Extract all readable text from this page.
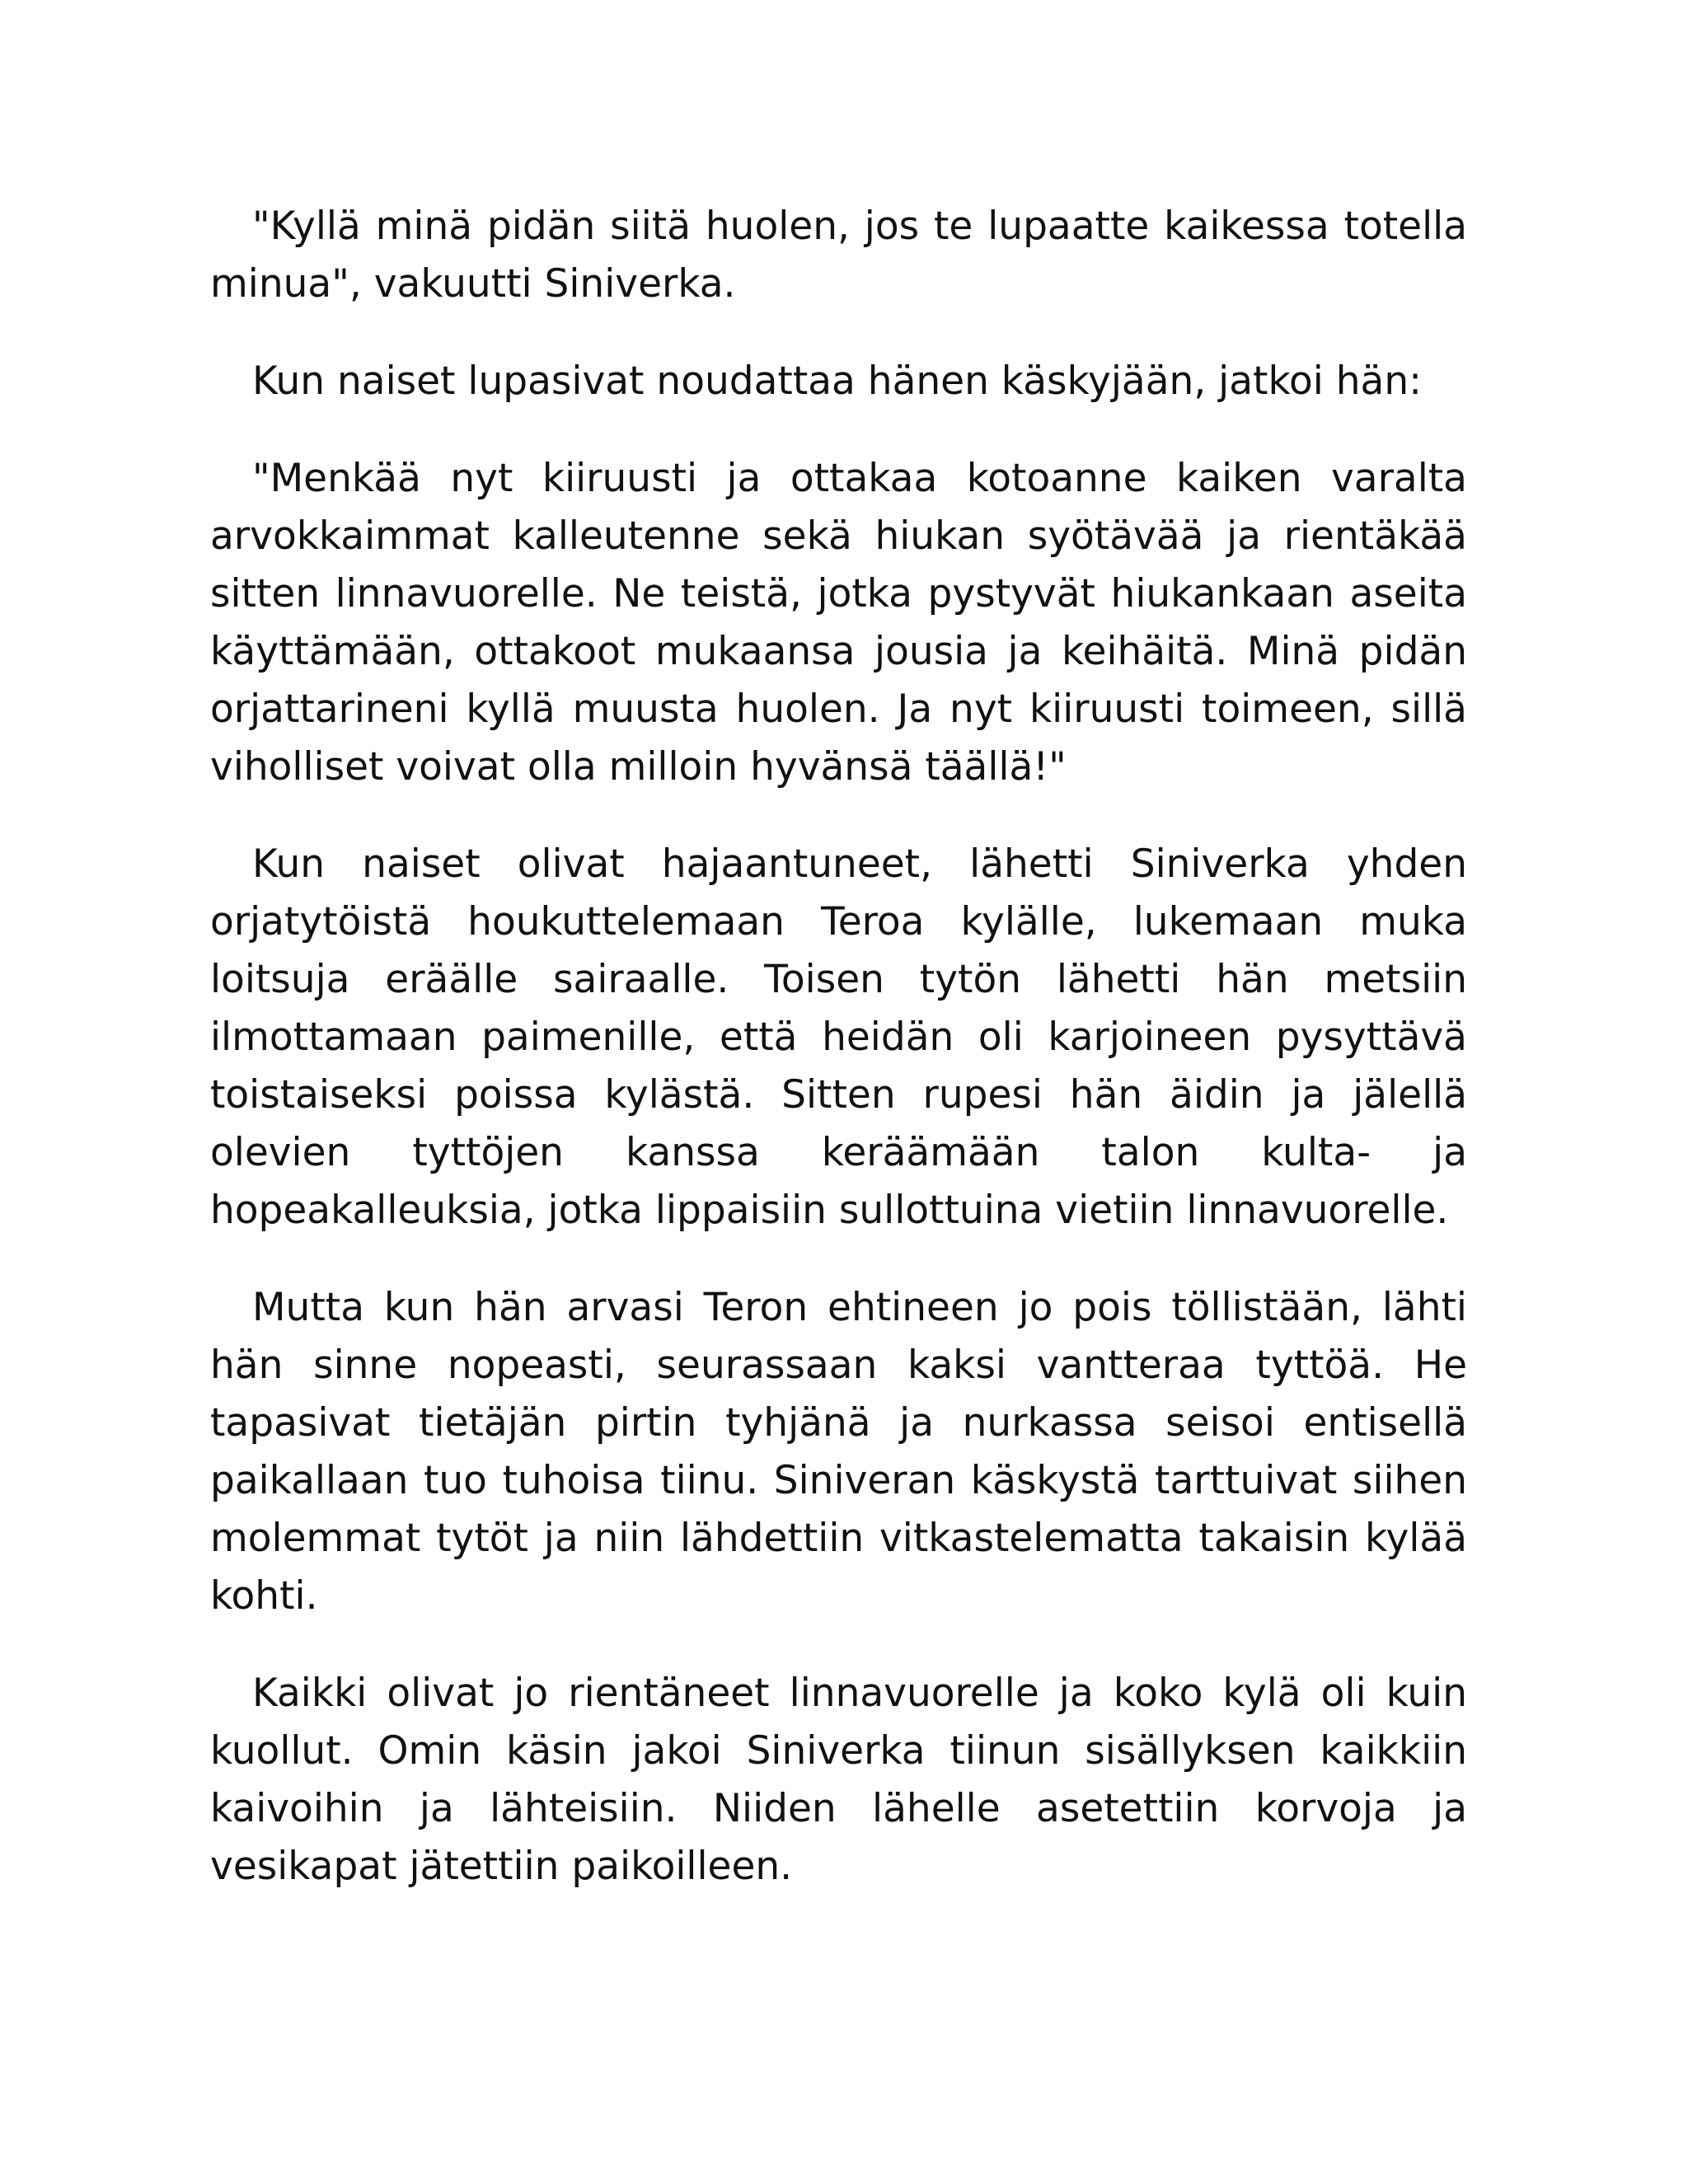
"Kyllä minä pidän siitä huolen, jos te lupaatte kaikessa totella minua", vakuutti Siniverka.

Kun naiset lupasivat noudattaa hänen käskyjään, jatkoi hän:

"Menkää nyt kiiruusti ja ottakaa kotoanne kaiken varalta arvokkaimmat kalleutenne sekä hiukan syötävää ja rientäkää sitten linnavuorelle. Ne teistä, jotka pystyvät hiukankaan aseita käyttämään, ottakoot mukaansa jousia ja keihäitä. Minä pidän orjattarineni kyllä muusta huolen. Ja nyt kiiruusti toimeen, sillä viholliset voivat olla milloin hyvänsä täällä!"

Kun naiset olivat hajaantuneet, lähetti Siniverka yhden orjatytöistä houkuttelemaan Teroa kylälle, lukemaan muka loitsuja eräälle sairaalle. Toisen tytön lähetti hän metsiin ilmottamaan paimenille, että heidän oli karjoineen pysyttävä toistaiseksi poissa kylästä. Sitten rupesi hän äidin ja jälellä olevien tyttöjen kanssa keräämään talon kulta- ja hopeakalleuksia, jotka lippaisiin sullottuina vietiin linnavuorelle.

Mutta kun hän arvasi Teron ehtineen jo pois töllistään, lähti hän sinne nopeasti, seurassaan kaksi vantteraa tyttöä. He tapasivat tietäjän pirtin tyhjänä ja nurkassa seisoi entisellä paikallaan tuo tuhoisa tiinu. Siniveran käskystä tarttuivat siihen molemmat tytöt ja niin lähdettiin vitkastelematta takaisin kylää kohti.

Kaikki olivat jo rientäneet linnavuorelle ja koko kylä oli kuin kuollut. Omin käsin jakoi Siniverka tiinun sisällyksen kaikkiin kaivoihin ja lähteisiin. Niiden lähelle asetettiin korvoja ja vesikapat jätettiin paikoilleen.
